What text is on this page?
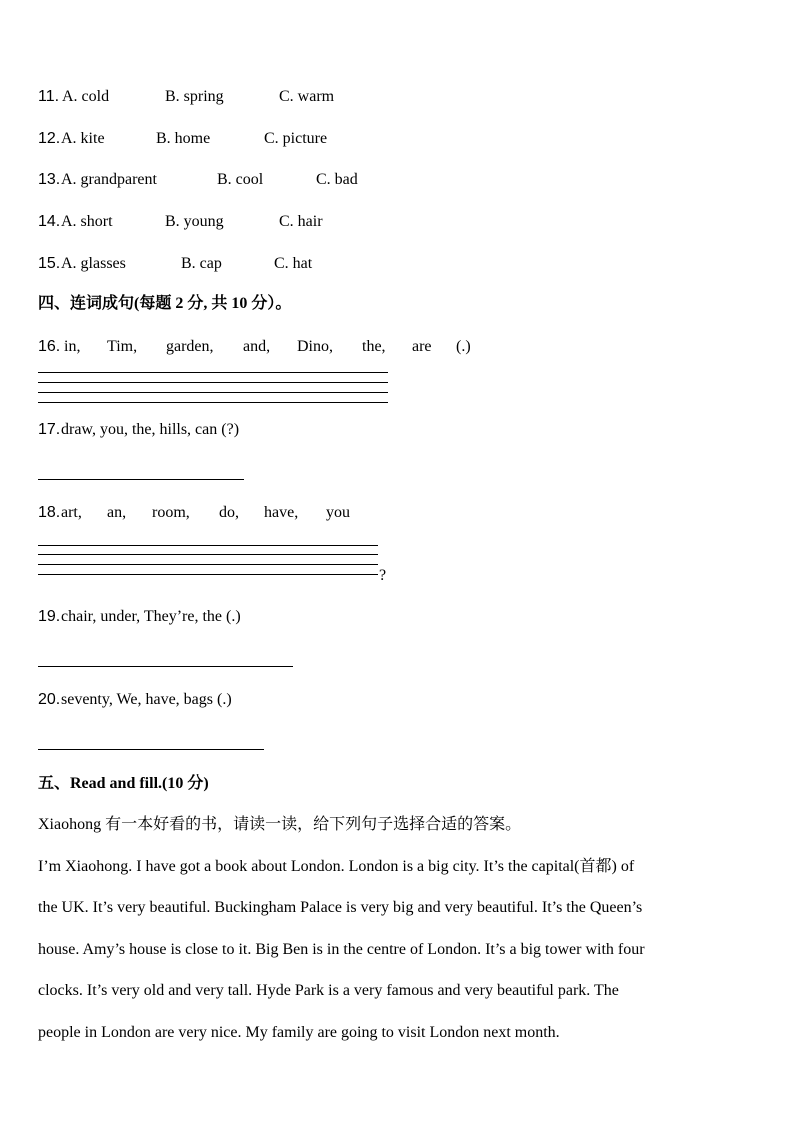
11. A. cold	B. spring	C. warm
12. A. kite	B. home	C. picture
13. A. grandparent	B. cool	C. bad
14. A. short	B. young	C. hair
15. A. glasses	B. cap	C. hat
四、连词成句(每题 2 分, 共 10 分）。
16. in, Tim, garden, and, Dino, the, are (.)
17. draw, you, the, hills, can (?)
18. art, an, room, do, have, you
?
19. chair, under, They’re, the (.)
20. seventy, We, have, bags (.)
五、Read and fill.(10 分)
Xiaohong 有一本好看的书，请读一读，给下列句子选择合适的答案。
I’m Xiaohong. I have got a book about London. London is a big city. It’s the capital(首都) of
the UK. It’s very beautiful. Buckingham Palace is very big and very beautiful. It’s the Queen’s
house. Amy’s house is close to it. Big Ben is in the centre of London. It’s a big tower with four
clocks. It’s very old and very tall. Hyde Park is a very famous and very beautiful park. The
people in London are very nice. My family are going to visit London next month.
